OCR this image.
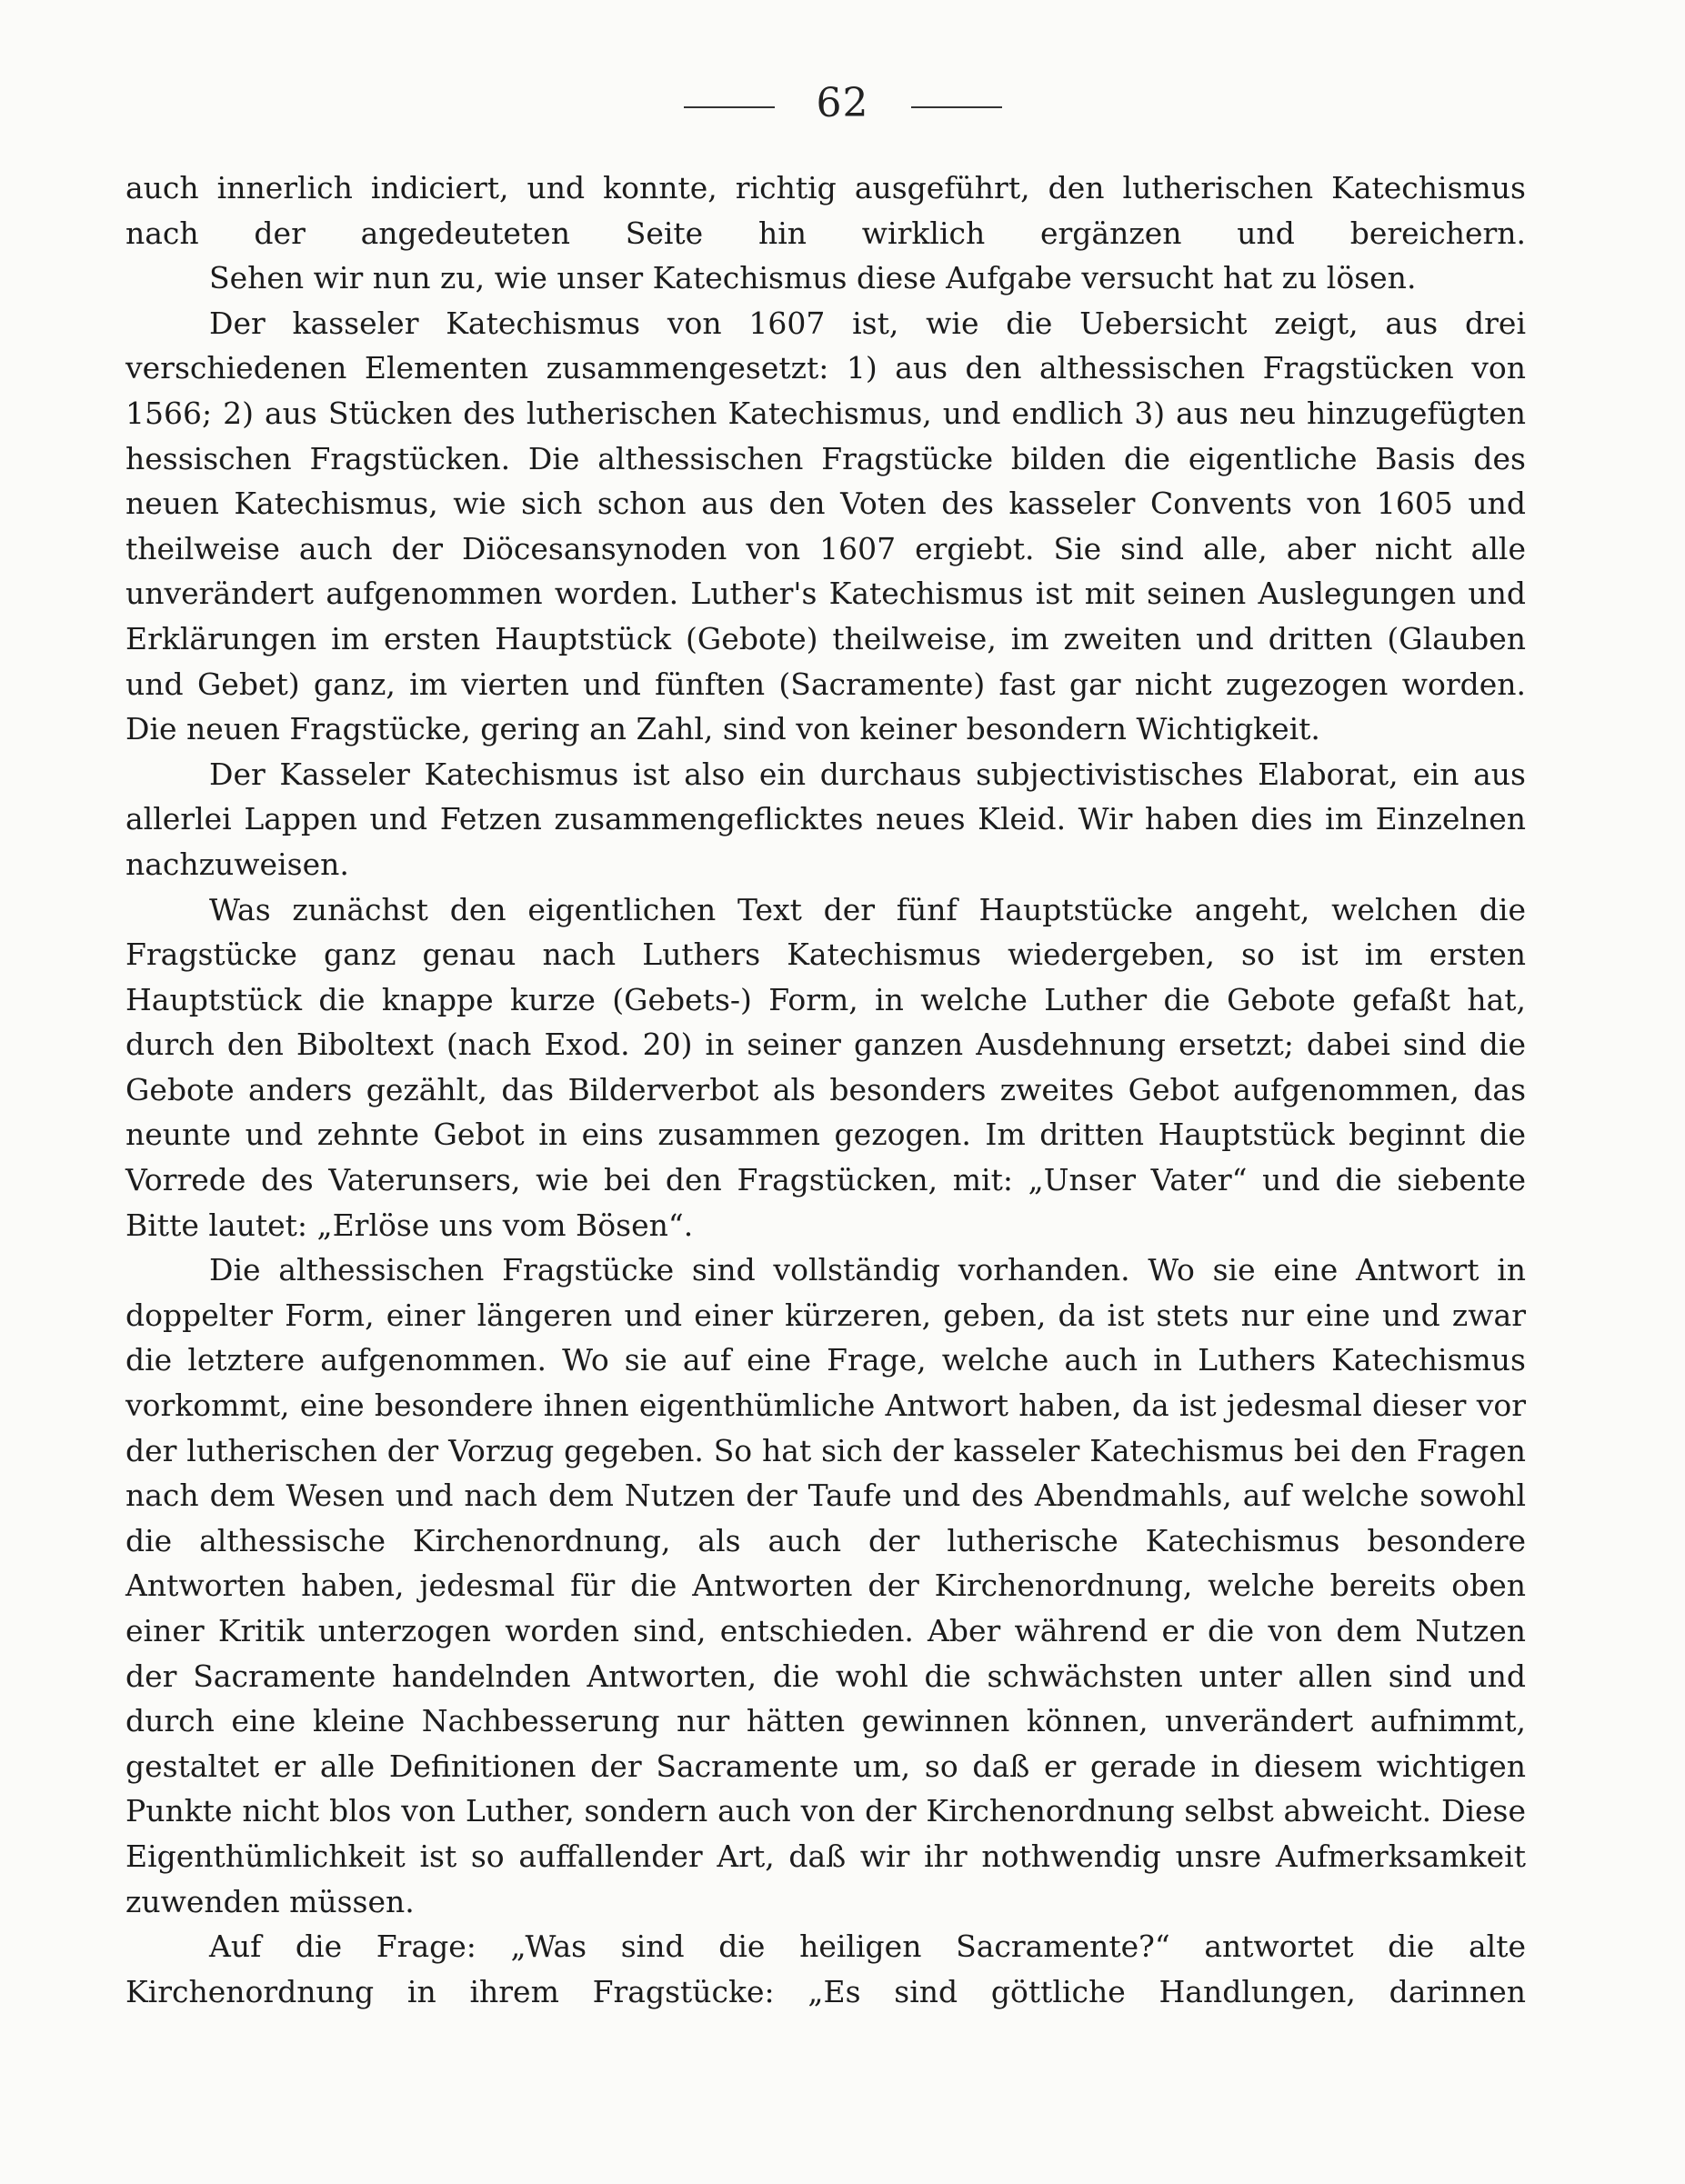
62

auch innerlich indiciert, und konnte, richtig ausgeführt, den lutherischen Katechismus nach der angedeuteten Seite hin wirklich ergänzen und bereichern.

Sehen wir nun zu, wie unser Katechismus diese Aufgabe versucht hat zu lösen.

Der kasseler Katechismus von 1607 ist, wie die Uebersicht zeigt, aus drei verschiedenen Elementen zusammengesetzt: 1) aus den althessischen Fragstücken von 1566; 2) aus Stücken des lutherischen Katechismus, und endlich 3) aus neu hinzugefügten hessischen Fragstücken. Die althessischen Fragstücke bilden die eigentliche Basis des neuen Katechismus, wie sich schon aus den Voten des kasseler Convents von 1605 und theilweise auch der Diöcesansynoden von 1607 ergiebt. Sie sind alle, aber nicht alle unverändert aufgenommen worden. Luther's Katechismus ist mit seinen Auslegungen und Erklärungen im ersten Hauptstück (Gebote) theilweise, im zweiten und dritten (Glauben und Gebet) ganz, im vierten und fünften (Sacramente) fast gar nicht zugezogen worden. Die neuen Fragstücke, gering an Zahl, sind von keiner besondern Wichtigkeit.

Der Kasseler Katechismus ist also ein durchaus subjectivistisches Elaborat, ein aus allerlei Lappen und Fetzen zusammengeflicktes neues Kleid. Wir haben dies im Einzelnen nachzuweisen.

Was zunächst den eigentlichen Text der fünf Hauptstücke angeht, welchen die Fragstücke ganz genau nach Luthers Katechismus wiedergeben, so ist im ersten Hauptstück die knappe kurze (Gebets-) Form, in welche Luther die Gebote gefaßt hat, durch den Biboltext (nach Exod. 20) in seiner ganzen Ausdehnung ersetzt; dabei sind die Gebote anders gezählt, das Bilderverbot als besonders zweites Gebot aufgenommen, das neunte und zehnte Gebot in eins zusammen gezogen. Im dritten Hauptstück beginnt die Vorrede des Vaterunsers, wie bei den Fragstücken, mit: „Unser Vater“ und die siebente Bitte lautet: „Erlöse uns vom Bösen“.

Die althessischen Fragstücke sind vollständig vorhanden. Wo sie eine Antwort in doppelter Form, einer längeren und einer kürzeren, geben, da ist stets nur eine und zwar die letztere aufgenommen. Wo sie auf eine Frage, welche auch in Luthers Katechismus vorkommt, eine besondere ihnen eigenthümliche Antwort haben, da ist jedesmal dieser vor der lutherischen der Vorzug gegeben. So hat sich der kasseler Katechismus bei den Fragen nach dem Wesen und nach dem Nutzen der Taufe und des Abendmahls, auf welche sowohl die althessische Kirchenordnung, als auch der lutherische Katechismus besondere Antworten haben, jedesmal für die Antworten der Kirchenordnung, welche bereits oben einer Kritik unterzogen worden sind, entschieden. Aber während er die von dem Nutzen der Sacramente handelnden Antworten, die wohl die schwächsten unter allen sind und durch eine kleine Nachbesserung nur hätten gewinnen können, unverändert aufnimmt, gestaltet er alle Definitionen der Sacramente um, so daß er gerade in diesem wichtigen Punkte nicht blos von Luther, sondern auch von der Kirchenordnung selbst abweicht. Diese Eigenthümlichkeit ist so auffallender Art, daß wir ihr nothwendig unsre Aufmerksamkeit zuwenden müssen.

Auf die Frage: „Was sind die heiligen Sacramente?“ antwortet die alte Kirchenordnung in ihrem Fragstücke: „Es sind göttliche Handlungen, darinnen
